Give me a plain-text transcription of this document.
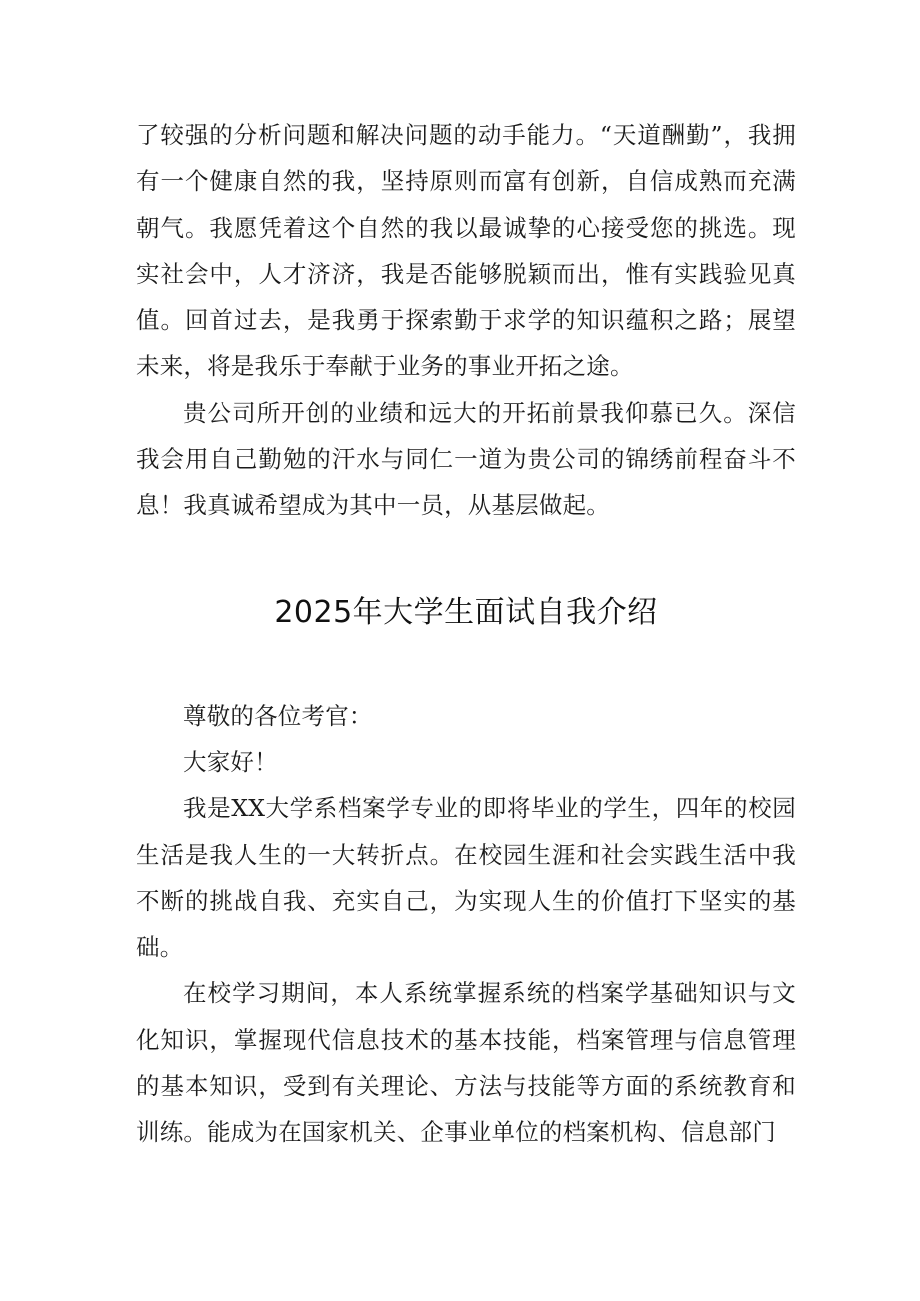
了较强的分析问题和解决问题的动手能力。“天道酬勤”，我拥有一个健康自然的我，坚持原则而富有创新，自信成熟而充满朝气。我愿凭着这个自然的我以最诚挚的心接受您的挑选。现实社会中，人才济济，我是否能够脱颖而出，惟有实践验见真值。回首过去，是我勇于探索勤于求学的知识蕴积之路；展望未来，将是我乐于奉献于业务的事业开拓之途。

贵公司所开创的业绩和远大的开拓前景我仰慕已久。深信我会用自己勤勉的汗水与同仁一道为贵公司的锦绣前程奋斗不息！我真诚希望成为其中一员，从基层做起。

2025年大学生面试自我介绍

尊敬的各位考官：

大家好！

我是XX大学系档案学专业的即将毕业的学生，四年的校园生活是我人生的一大转折点。在校园生涯和社会实践生活中我不断的挑战自我、充实自己，为实现人生的价值打下坚实的基础。

在校学习期间，本人系统掌握系统的档案学基础知识与文化知识，掌握现代信息技术的基本技能，档案管理与信息管理的基本知识，受到有关理论、方法与技能等方面的系统教育和训练。能成为在国家机关、企事业单位的档案机构、信息部门
